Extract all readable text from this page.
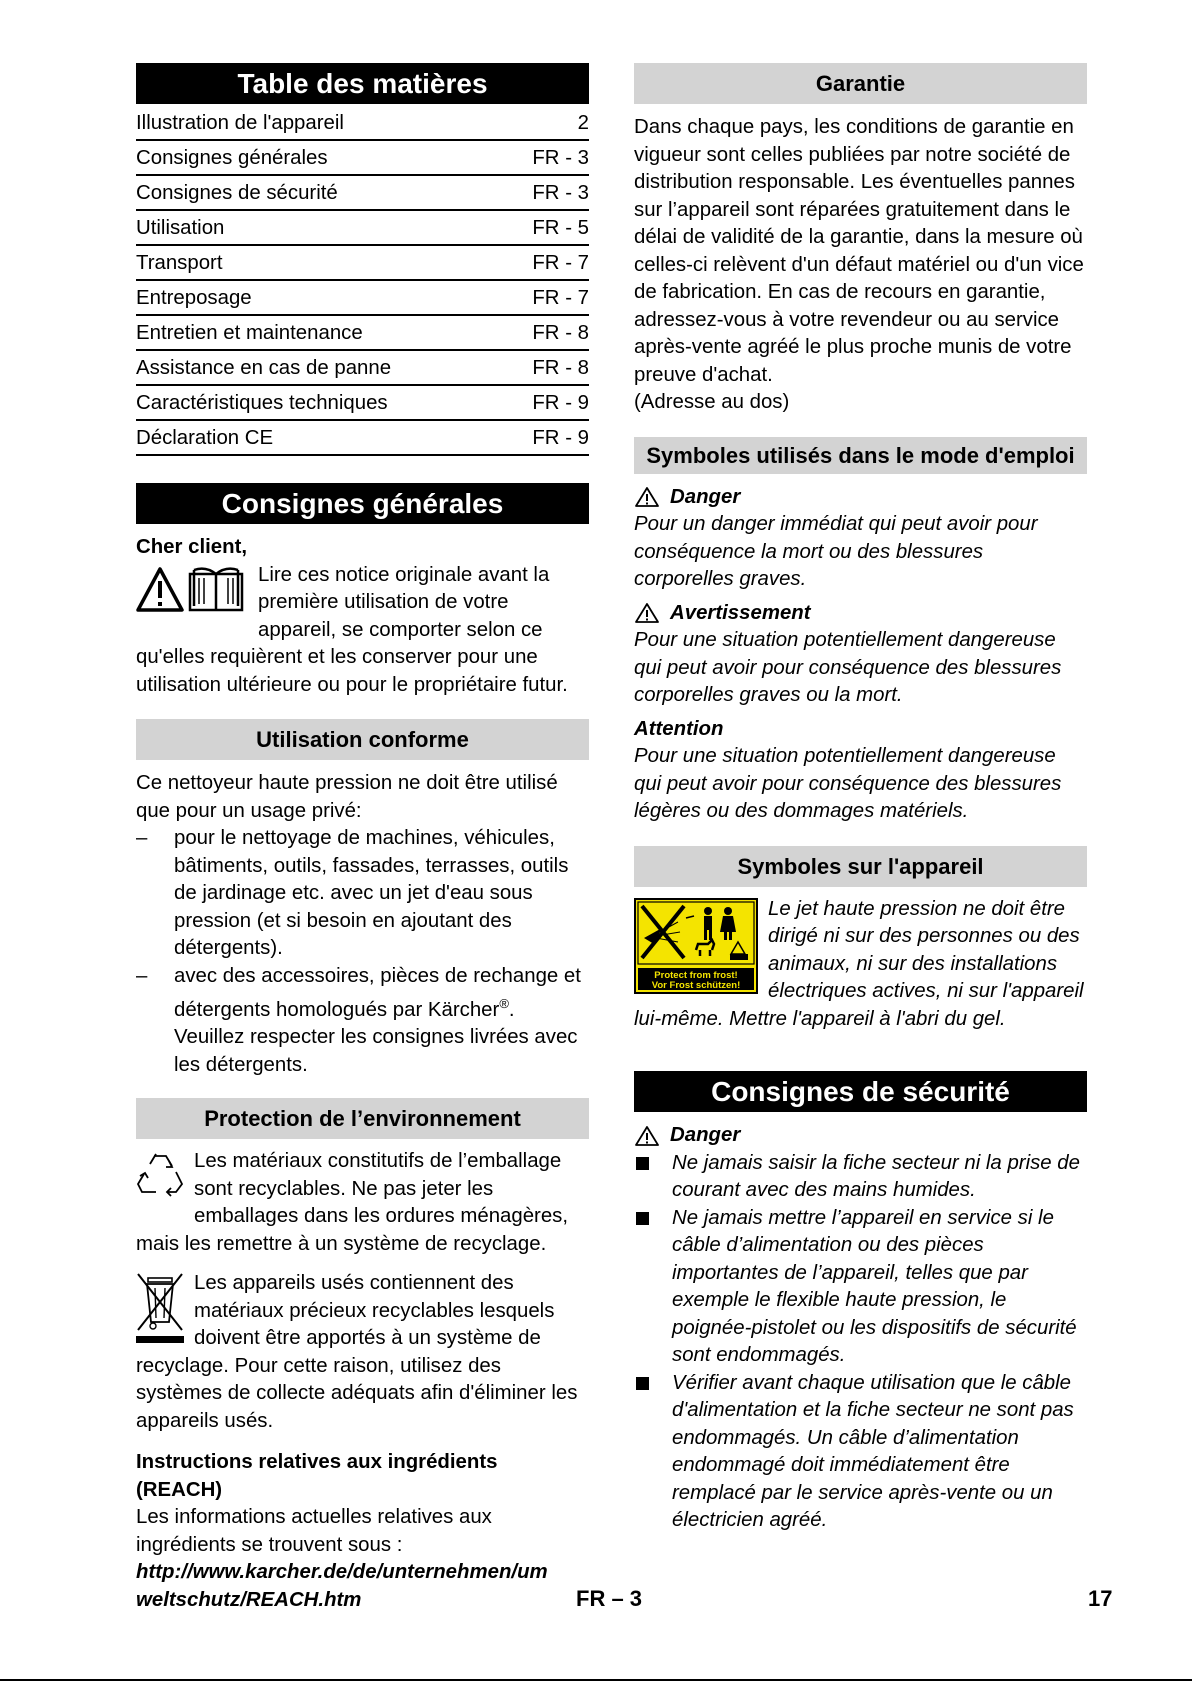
Table des matières
Illustration de l'appareil	2
Consignes générales	FR - 3
Consignes de sécurité	FR - 3
Utilisation	FR - 5
Transport	FR - 7
Entreposage	FR - 7
Entretien et maintenance	FR - 8
Assistance en cas de panne	FR - 8
Caractéristiques techniques	FR - 9
Déclaration CE	FR - 9
Consignes générales

Cher client,

Lire ces notice originale avant la première utilisation de votre appareil, se comporter selon ce qu'elles requièrent et les conserver pour une utilisation ultérieure ou pour le propriétaire futur.
Utilisation conforme

Ce nettoyeur haute pression ne doit être utilisé que pour un usage privé:

– pour le nettoyage de machines, véhicules, bâtiments, outils, fassades, terrasses, outils de jardinage etc. avec un jet d'eau sous pression (et si besoin en ajoutant des détergents).
– avec des accessoires, pièces de rechange et détergents homologués par Kärcher®. Veuillez respecter les consignes livrées avec les détergents.
Protection de l’environnement
Les matériaux constitutifs de l’emballage sont recyclables. Ne pas jeter les emballages dans les ordures ménagères, mais les remettre à un système de recyclage.
Les appareils usés contiennent des matériaux précieux recyclables lesquels doivent être apportés à un système de recyclage. Pour cette raison, utilisez des systèmes de collecte adéquats afin d'éliminer les appareils usés.

Instructions relatives aux ingrédients (REACH)

Les informations actuelles relatives aux ingrédients se trouvent sous :

http://www.karcher.de/de/unternehmen/umweltschutz/REACH.htm

Garantie

Dans chaque pays, les conditions de garantie en vigueur sont celles publiées par notre société de distribution responsable. Les éventuelles pannes sur l’appareil sont réparées gratuitement dans le délai de validité de la garantie, dans la mesure où celles-ci relèvent d'un défaut matériel ou d'un vice de fabrication. En cas de recours en garantie, adressez-vous à votre revendeur ou au service après-vente agréé le plus proche munis de votre preuve d'achat.

(Adresse au dos)

Symboles utilisés dans le mode d'emploi
Danger

Pour un danger immédiat qui peut avoir pour conséquence la mort ou des blessures corporelles graves.

Avertissement

Pour une situation potentiellement dangereuse qui peut avoir pour conséquence des blessures corporelles graves ou la mort.

Attention

Pour une situation potentiellement dangereuse qui peut avoir pour conséquence des blessures légères ou des dommages matériels.

Symboles sur l'appareil
Protect from frost!
Vor Frost schützen!
Le jet haute pression ne doit être dirigé ni sur des personnes ou des animaux, ni sur des installations électriques actives, ni sur l'appareil lui-même. Mettre l'appareil à l'abri du gel.
Consignes de sécurité
Danger
Ne jamais saisir la fiche secteur ni la prise de courant avec des mains humides.
Ne jamais mettre l’appareil en service si le câble d’alimentation ou des pièces importantes de l’appareil, telles que par exemple le flexible haute pression, le poignée-pistolet ou les dispositifs de sécurité sont endommagés.
Vérifier avant chaque utilisation que le câble d'alimentation et la fiche secteur ne sont pas endommagés. Un câble d’alimentation endommagé doit immédiatement être remplacé par le service après-vente ou un électricien agréé.
FR – 3	17
